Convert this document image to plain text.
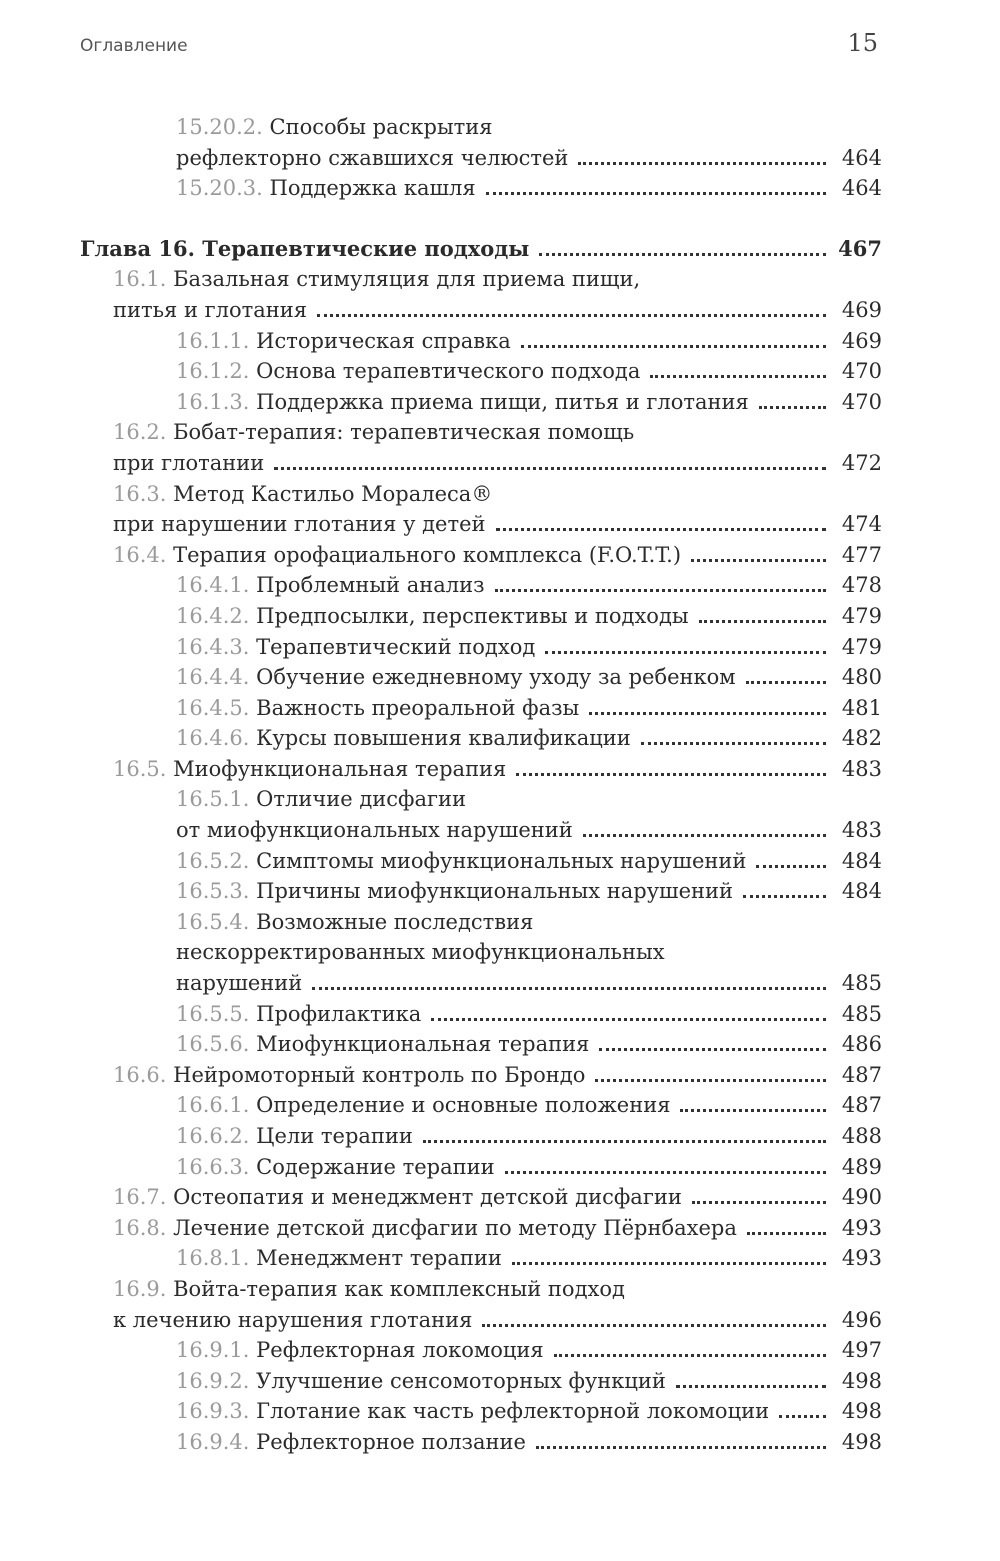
Оглавление	15
15.20.2. Способы раскрытия
рефлекторно сжавшихся челюстей	464
15.20.3. Поддержка кашля	464
Глава 16. Терапевтические подходы	467
16.1. Базальная стимуляция для приема пищи,
питья и глотания	469
16.1.1. Историческая справка	469
16.1.2. Основа терапевтического подхода	470
16.1.3. Поддержка приема пищи, питья и глотания	470
16.2. Бобат-терапия: терапевтическая помощь
при глотании	472
16.3. Метод Кастильо Моралеса®
при нарушении глотания у детей	474
16.4. Терапия орофациального комплекса (F.O.T.T.)	477
16.4.1. Проблемный анализ	478
16.4.2. Предпосылки, перспективы и подходы	479
16.4.3. Терапевтический подход	479
16.4.4. Обучение ежедневному уходу за ребенком	480
16.4.5. Важность преоральной фазы	481
16.4.6. Курсы повышения квалификации	482
16.5. Миофункциональная терапия	483
16.5.1. Отличие дисфагии
от миофункциональных нарушений	483
16.5.2. Симптомы миофункциональных нарушений	484
16.5.3. Причины миофункциональных нарушений	484
16.5.4. Возможные последствия
нескорректированных миофункциональных
нарушений	485
16.5.5. Профилактика	485
16.5.6. Миофункциональная терапия	486
16.6. Нейромоторный контроль по Брондо	487
16.6.1. Определение и основные положения	487
16.6.2. Цели терапии	488
16.6.3. Содержание терапии	489
16.7. Остеопатия и менеджмент детской дисфагии	490
16.8. Лечение детской дисфагии по методу Пёрнбахера	493
16.8.1. Менеджмент терапии	493
16.9. Войта-терапия как комплексный подход
к лечению нарушения глотания	496
16.9.1. Рефлекторная локомоция	497
16.9.2. Улучшение сенсомоторных функций	498
16.9.3. Глотание как часть рефлекторной локомоции	498
16.9.4. Рефлекторное ползание	498
